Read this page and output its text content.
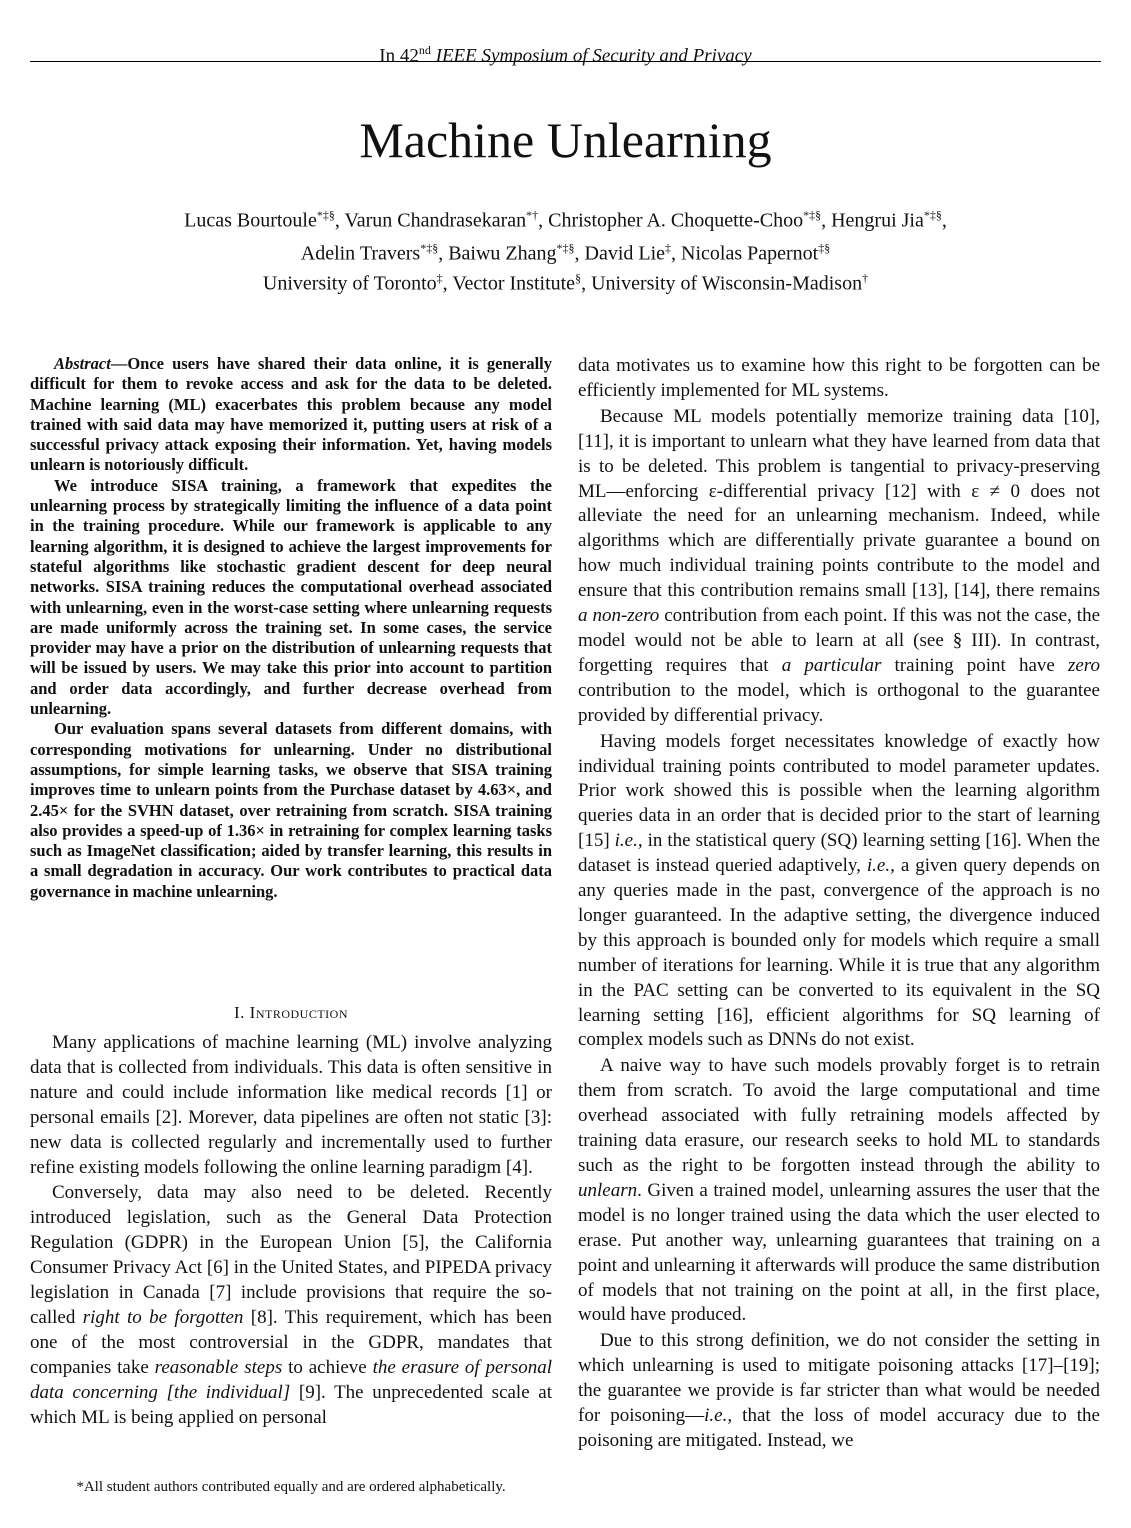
In 42nd IEEE Symposium of Security and Privacy
Machine Unlearning
Lucas Bourtoule*‡§, Varun Chandrasekaran*†, Christopher A. Choquette-Choo*‡§, Hengrui Jia*‡§,
Adelin Travers*‡§, Baiwu Zhang*‡§, David Lie‡, Nicolas Papernot‡§
University of Toronto‡, Vector Institute§, University of Wisconsin-Madison†

Abstract—Once users have shared their data online, it is generally difficult for them to revoke access and ask for the data to be deleted. Machine learning (ML) exacerbates this problem because any model trained with said data may have memorized it, putting users at risk of a successful privacy attack exposing their information. Yet, having models unlearn is notoriously difficult.

We introduce SISA training, a framework that expedites the unlearning process by strategically limiting the influence of a data point in the training procedure. While our framework is applicable to any learning algorithm, it is designed to achieve the largest improvements for stateful algorithms like stochastic gradient descent for deep neural networks. SISA training reduces the computational overhead associated with unlearning, even in the worst-case setting where unlearning requests are made uniformly across the training set. In some cases, the service provider may have a prior on the distribution of unlearning requests that will be issued by users. We may take this prior into account to partition and order data accordingly, and further decrease overhead from unlearning.

Our evaluation spans several datasets from different domains, with corresponding motivations for unlearning. Under no distributional assumptions, for simple learning tasks, we observe that SISA training improves time to unlearn points from the Purchase dataset by 4.63×, and 2.45× for the SVHN dataset, over retraining from scratch. SISA training also provides a speed-up of 1.36× in retraining for complex learning tasks such as ImageNet classification; aided by transfer learning, this results in a small degradation in accuracy. Our work contributes to practical data governance in machine unlearning.

I. Introduction

Many applications of machine learning (ML) involve analyzing data that is collected from individuals. This data is often sensitive in nature and could include information like medical records [1] or personal emails [2]. Morever, data pipelines are often not static [3]: new data is collected regularly and incrementally used to further refine existing models following the online learning paradigm [4].

Conversely, data may also need to be deleted. Recently introduced legislation, such as the General Data Protection Regulation (GDPR) in the European Union [5], the California Consumer Privacy Act [6] in the United States, and PIPEDA privacy legislation in Canada [7] include provisions that require the so-called right to be forgotten [8]. This requirement, which has been one of the most controversial in the GDPR, mandates that companies take reasonable steps to achieve the erasure of personal data concerning [the individual] [9]. The unprecedented scale at which ML is being applied on personal

*All student authors contributed equally and are ordered alphabetically.

data motivates us to examine how this right to be forgotten can be efficiently implemented for ML systems.

Because ML models potentially memorize training data [10], [11], it is important to unlearn what they have learned from data that is to be deleted. This problem is tangential to privacy-preserving ML—enforcing ε-differential privacy [12] with ε ≠ 0 does not alleviate the need for an unlearning mechanism. Indeed, while algorithms which are differentially private guarantee a bound on how much individual training points contribute to the model and ensure that this contribution remains small [13], [14], there remains a non-zero contribution from each point. If this was not the case, the model would not be able to learn at all (see § III). In contrast, forgetting requires that a particular training point have zero contribution to the model, which is orthogonal to the guarantee provided by differential privacy.

Having models forget necessitates knowledge of exactly how individual training points contributed to model parameter updates. Prior work showed this is possible when the learning algorithm queries data in an order that is decided prior to the start of learning [15] i.e., in the statistical query (SQ) learning setting [16]. When the dataset is instead queried adaptively, i.e., a given query depends on any queries made in the past, convergence of the approach is no longer guaranteed. In the adaptive setting, the divergence induced by this approach is bounded only for models which require a small number of iterations for learning. While it is true that any algorithm in the PAC setting can be converted to its equivalent in the SQ learning setting [16], efficient algorithms for SQ learning of complex models such as DNNs do not exist.

A naive way to have such models provably forget is to retrain them from scratch. To avoid the large computational and time overhead associated with fully retraining models affected by training data erasure, our research seeks to hold ML to standards such as the right to be forgotten instead through the ability to unlearn. Given a trained model, unlearning assures the user that the model is no longer trained using the data which the user elected to erase. Put another way, unlearning guarantees that training on a point and unlearning it afterwards will produce the same distribution of models that not training on the point at all, in the first place, would have produced.

Due to this strong definition, we do not consider the setting in which unlearning is used to mitigate poisoning attacks [17]–[19]; the guarantee we provide is far stricter than what would be needed for poisoning—i.e., that the loss of model accuracy due to the poisoning are mitigated. Instead, we
